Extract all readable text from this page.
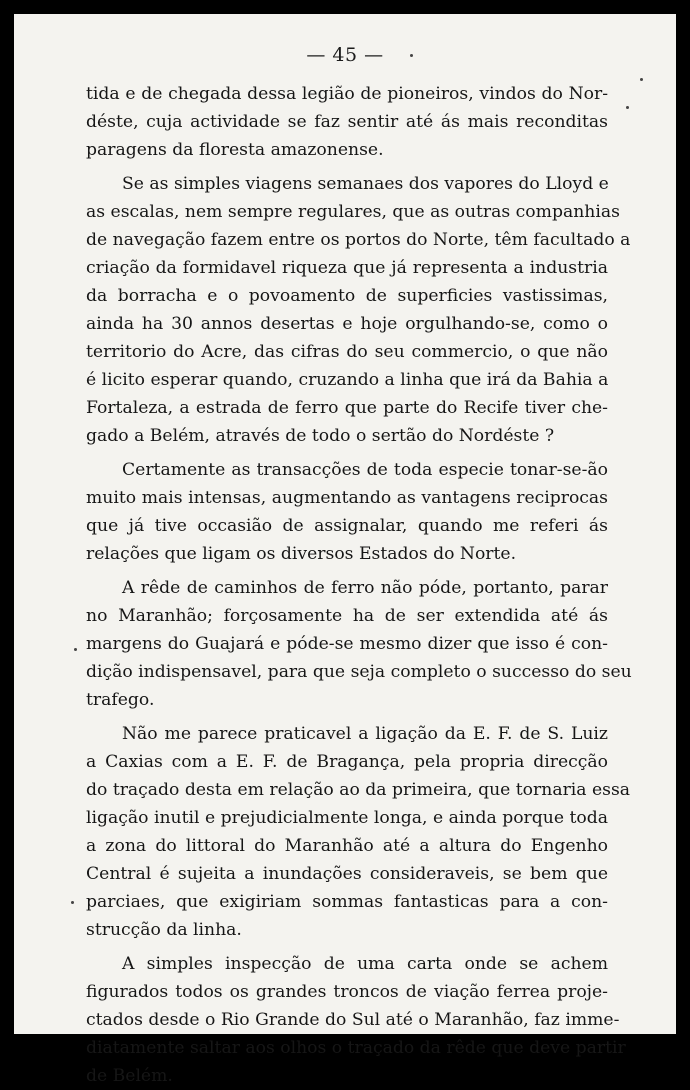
— 45 —
tida e de chegada dessa legião de pioneiros, vindos do Nor-
déste, cuja actividade se faz sentir até ás mais reconditas
paragens da floresta amazonense.
Se as simples viagens semanaes dos vapores do Lloyd e
as escalas, nem sempre regulares, que as outras companhias
de navegação fazem entre os portos do Norte, têm facultado a
criação da formidavel riqueza que já representa a industria
da borracha e o povoamento de superficies vastissimas,
ainda ha 30 annos desertas e hoje orgulhando-se, como o
territorio do Acre, das cifras do seu commercio, o que não
é licito esperar quando, cruzando a linha que irá da Bahia a
Fortaleza, a estrada de ferro que parte do Recife tiver che-
gado a Belém, através de todo o sertão do Nordéste ?
Certamente as transacções de toda especie tonar-se-ão
muito mais intensas, augmentando as vantagens reciprocas
que já tive occasião de assignalar, quando me referi ás
relações que ligam os diversos Estados do Norte.
A rêde de caminhos de ferro não póde, portanto, parar
no Maranhão; forçosamente ha de ser extendida até ás
margens do Guajará e póde-se mesmo dizer que isso é con-
dição indispensavel, para que seja completo o successo do seu
trafego.
Não me parece praticavel a ligação da E. F. de S. Luiz
a Caxias com a E. F. de Bragança, pela propria direcção
do traçado desta em relação ao da primeira, que tornaria essa
ligação inutil e prejudicialmente longa, e ainda porque toda
a zona do littoral do Maranhão até a altura do Engenho
Central é sujeita a inundações consideraveis, se bem que
parciaes, que exigiriam sommas fantasticas para a con-
strucção da linha.
A simples inspecção de uma carta onde se achem
figurados todos os grandes troncos de viação ferrea proje-
ctados desde o Rio Grande do Sul até o Maranhão, faz imme-
diatamente saltar aos olhos o traçado da rêde que deve partir
de Belém.
